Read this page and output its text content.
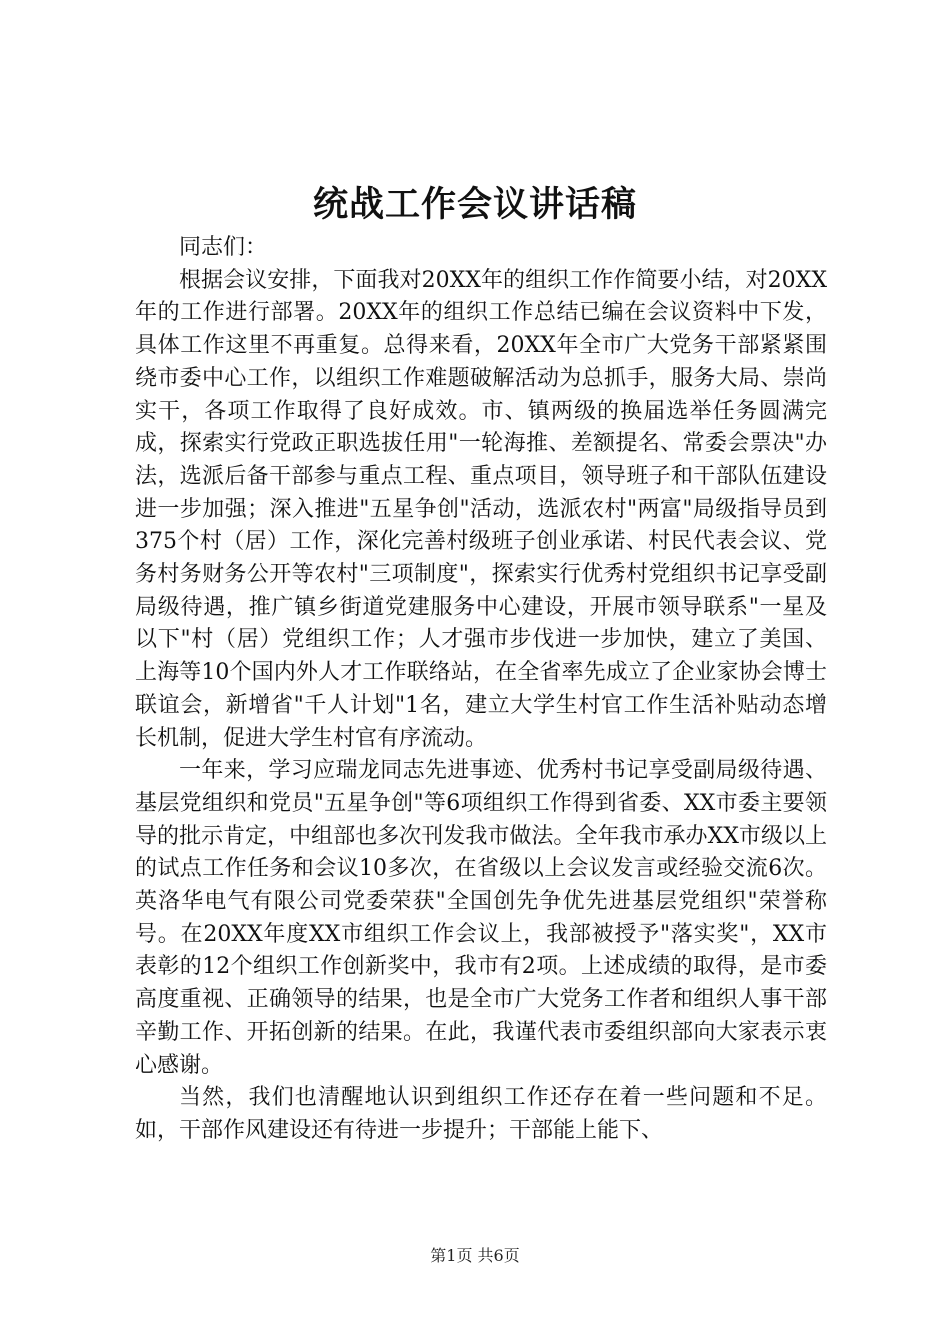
统战工作会议讲话稿

同志们：

根据会议安排，下面我对20XX年的组织工作作简要小结，对20XX年的工作进行部署。20XX年的组织工作总结已编在会议资料中下发，具体工作这里不再重复。总得来看，20XX年全市广大党务干部紧紧围绕市委中心工作，以组织工作难题破解活动为总抓手，服务大局、崇尚实干，各项工作取得了良好成效。市、镇两级的换届选举任务圆满完成，探索实行党政正职选拔任用"一轮海推、差额提名、常委会票决"办法，选派后备干部参与重点工程、重点项目，领导班子和干部队伍建设进一步加强；深入推进"五星争创"活动，选派农村"两富"局级指导员到375个村（居）工作，深化完善村级班子创业承诺、村民代表会议、党务村务财务公开等农村"三项制度"，探索实行优秀村党组织书记享受副局级待遇，推广镇乡街道党建服务中心建设，开展市领导联系"一星及以下"村（居）党组织工作；人才强市步伐进一步加快，建立了美国、上海等10个国内外人才工作联络站，在全省率先成立了企业家协会博士联谊会，新增省"千人计划"1名，建立大学生村官工作生活补贴动态增长机制，促进大学生村官有序流动。

一年来，学习应瑞龙同志先进事迹、优秀村书记享受副局级待遇、基层党组织和党员"五星争创"等6项组织工作得到省委、XX市委主要领导的批示肯定，中组部也多次刊发我市做法。全年我市承办XX市级以上的试点工作任务和会议10多次，在省级以上会议发言或经验交流6次。英洛华电气有限公司党委荣获"全国创先争优先进基层党组织"荣誉称号。在20XX年度XX市组织工作会议上，我部被授予"落实奖"，XX市表彰的12个组织工作创新奖中，我市有2项。上述成绩的取得，是市委高度重视、正确领导的结果，也是全市广大党务工作者和组织人事干部辛勤工作、开拓创新的结果。在此，我谨代表市委组织部向大家表示衷心感谢。

当然，我们也清醒地认识到组织工作还存在着一些问题和不足。如，干部作风建设还有待进一步提升；干部能上能下、

第1页 共6页
